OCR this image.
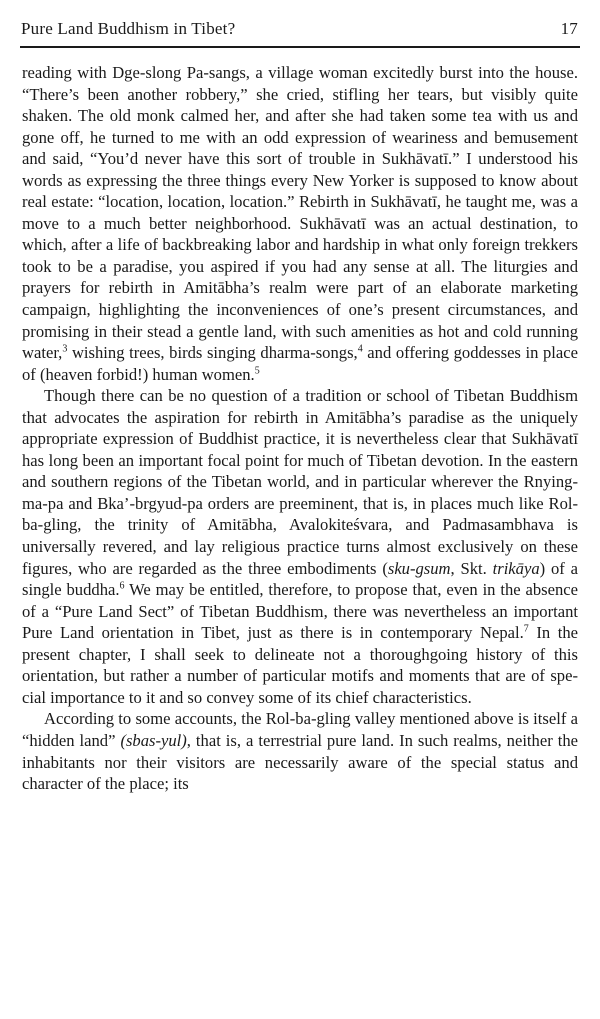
Pure Land Buddhism in Tibet?	17

reading with Dge-slong Pa-sangs, a village woman excitedly burst into the house. “There’s been another robbery,” she cried, stifling her tears, but visibly quite shaken. The old monk calmed her, and after she had taken some tea with us and gone off, he turned to me with an odd expression of weariness and bemusement and said, “You’d never have this sort of trouble in Sukhāvatī.” I understood his words as expressing the three things every New Yorker is supposed to know about real estate: “location, location, location.” Rebirth in Sukhāvatī, he taught me, was a move to a much better neighborhood. Sukhāvatī was an actual destination, to which, after a life of backbreaking labor and hardship in what only foreign trekkers took to be a paradise, you aspired if you had any sense at all. The liturgies and prayers for rebirth in Amitābha’s realm were part of an elaborate marketing campaign, highlighting the inconveniences of one’s present circumstances, and promising in their stead a gentle land, with such amenities as hot and cold running water,$^3$ wishing trees, birds singing dharma-songs,$^4$ and offering goddesses in place of (heaven forbid!) human women.$^5$

Though there can be no question of a tradition or school of Tibetan Buddhism that advocates the aspiration for rebirth in Amitābha’s paradise as the uniquely appropriate expression of Buddhist practice, it is nevertheless clear that Sukhāvatī has long been an important focal point for much of Tibetan devotion. In the eastern and southern regions of the Tibetan world, and in particular wherever the Rnying-ma-pa and Bka’-brgyud-pa orders are preeminent, that is, in places much like Rol-ba-gling, the trinity of Amitābha, Avalokiteśvara, and Padmasambhava is universally revered, and lay religious practice turns almost exclusively on these figures, who are regarded as the three embodiments (sku-gsum, Skt. trikāya) of a single buddha.$^6$ We may be entitled, therefore, to propose that, even in the absence of a “Pure Land Sect” of Tibetan Buddhism, there was nevertheless an important Pure Land orientation in Tibet, just as there is in contemporary Nepal.$^7$ In the present chapter, I shall seek to delineate not a thoroughgoing history of this orientation, but rather a number of particular motifs and moments that are of special importance to it and so convey some of its chief characteristics.

According to some accounts, the Rol-ba-gling valley mentioned above is itself a “hidden land” (sbas-yul), that is, a terrestrial pure land. In such realms, neither the inhabitants nor their visitors are necessarily aware of the special status and character of the place; its
